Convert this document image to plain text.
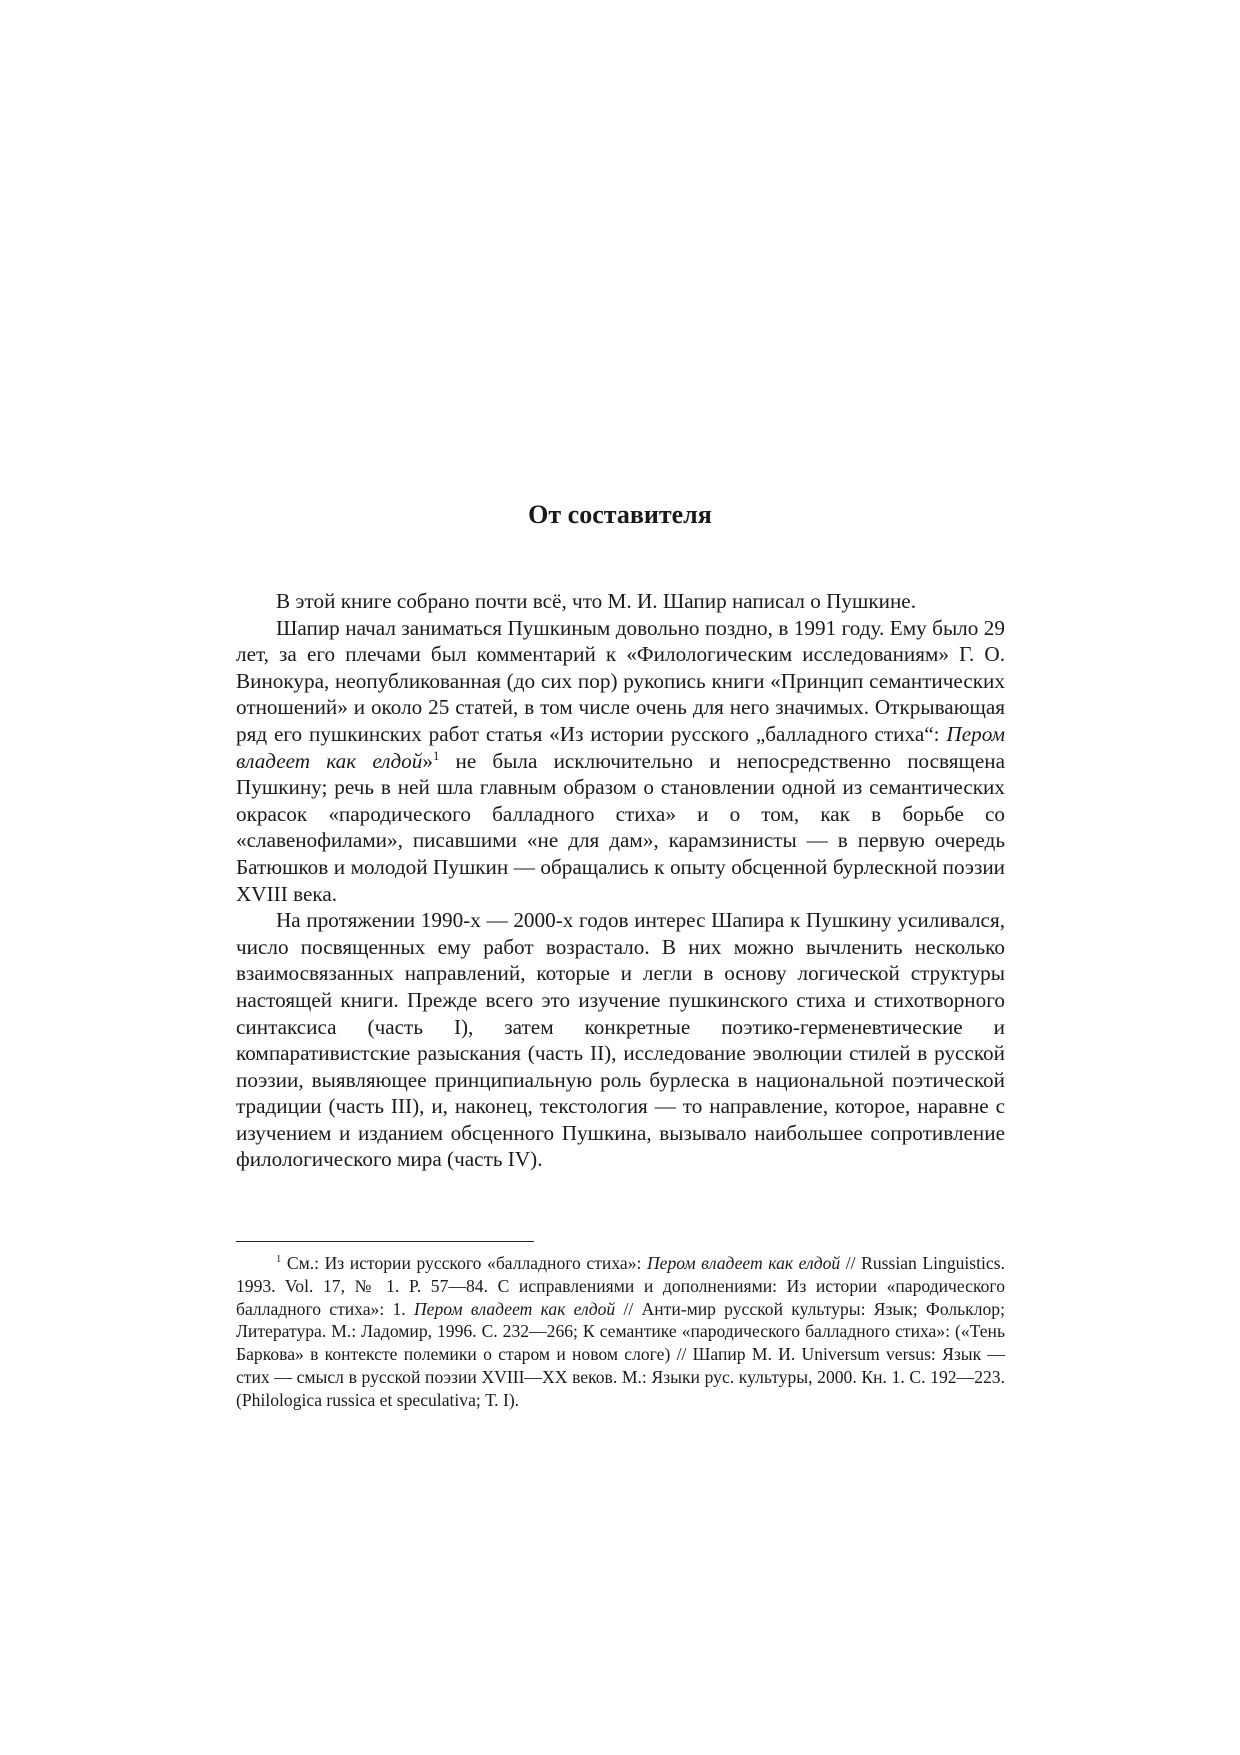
От составителя

В этой книге собрано почти всё, что М. И. Шапир написал о Пушкине.

Шапир начал заниматься Пушкиным довольно поздно, в 1991 году. Ему было 29 лет, за его плечами был комментарий к «Филологическим исследованиям» Г. О. Винокура, неопубликованная (до сих пор) рукопись книги «Принцип семантических отношений» и около 25 статей, в том числе очень для него значимых. Открывающая ряд его пушкинских работ статья «Из истории русского „балладного стиха“: Пером владеет как елдой»$^1$ не была исключительно и непосредственно посвящена Пушкину; речь в ней шла главным образом о становлении одной из семантических окрасок «пародического балладного стиха» и о том, как в борьбе со «славенофилами», писавшими «не для дам», карамзинисты — в первую очередь Батюшков и молодой Пушкин — обращались к опыту обсценной бурлескной поэзии XVIII века.

На протяжении 1990-х — 2000-х годов интерес Шапира к Пушкину усиливался, число посвященных ему работ возрастало. В них можно вычленить несколько взаимосвязанных направлений, которые и легли в основу логической структуры настоящей книги. Прежде всего это изучение пушкинского стиха и стихотворного синтаксиса (часть I), затем конкретные поэтико-герменевтические и компаративистские разыскания (часть II), исследование эволюции стилей в русской поэзии, выявляющее принципиальную роль бурлеска в национальной поэтической традиции (часть III), и, наконец, текстология — то направление, которое, наравне с изучением и изданием обсценного Пушкина, вызывало наибольшее сопротивление филологического мира (часть IV).

$^1$ См.: Из истории русского «балладного стиха»: Пером владеет как елдой // Russian Linguistics. 1993. Vol. 17, № 1. P. 57—84. С исправлениями и дополнениями: Из истории «пародического балладного стиха»: 1. Пером владеет как елдой // Анти-мир русской культуры: Язык; Фольклор; Литература. М.: Ладомир, 1996. С. 232—266; К семантике «пародического балладного стиха»: («Тень Баркова» в контексте полемики о старом и новом слоге) // Шапир М. И. Universum versus: Язык — стих — смысл в русской поэзии XVIII—XX веков. М.: Языки рус. культуры, 2000. Кн. 1. С. 192—223. (Philologica russica et speculativa; Т. I).
